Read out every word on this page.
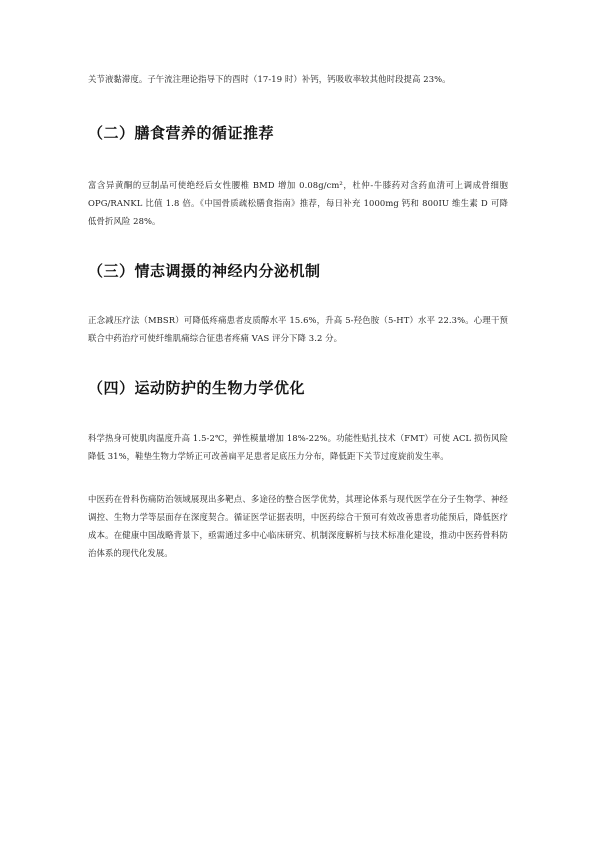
关节液黏滞度。子午流注理论指导下的酉时（17-19 时）补钙，钙吸收率较其他时段提高 23%。
（二）膳食营养的循证推荐
富含异黄酮的豆制品可使绝经后女性腰椎 BMD 增加 0.08g/cm²，杜仲-牛膝药对含药血清可上调成骨细胞 OPG/RANKL 比值 1.8 倍。《中国骨质疏松膳食指南》推荐，每日补充 1000mg 钙和 800IU 维生素 D 可降低骨折风险 28%。
（三）情志调摄的神经内分泌机制
正念减压疗法（MBSR）可降低疼痛患者皮质醇水平 15.6%，升高 5-羟色胺（5-HT）水平 22.3%。心理干预联合中药治疗可使纤维肌痛综合征患者疼痛 VAS 评分下降 3.2 分。
（四）运动防护的生物力学优化
科学热身可使肌肉温度升高 1.5-2℃，弹性模量增加 18%-22%。功能性贴扎技术（FMT）可使 ACL 损伤风险降低 31%，鞋垫生物力学矫正可改善扁平足患者足底压力分布，降低距下关节过度旋前发生率。
中医药在骨科伤痛防治领域展现出多靶点、多途径的整合医学优势，其理论体系与现代医学在分子生物学、神经调控、生物力学等层面存在深度契合。循证医学证据表明，中医药综合干预可有效改善患者功能预后，降低医疗成本。在健康中国战略背景下，亟需通过多中心临床研究、机制深度解析与技术标准化建设，推动中医药骨科防治体系的现代化发展。
